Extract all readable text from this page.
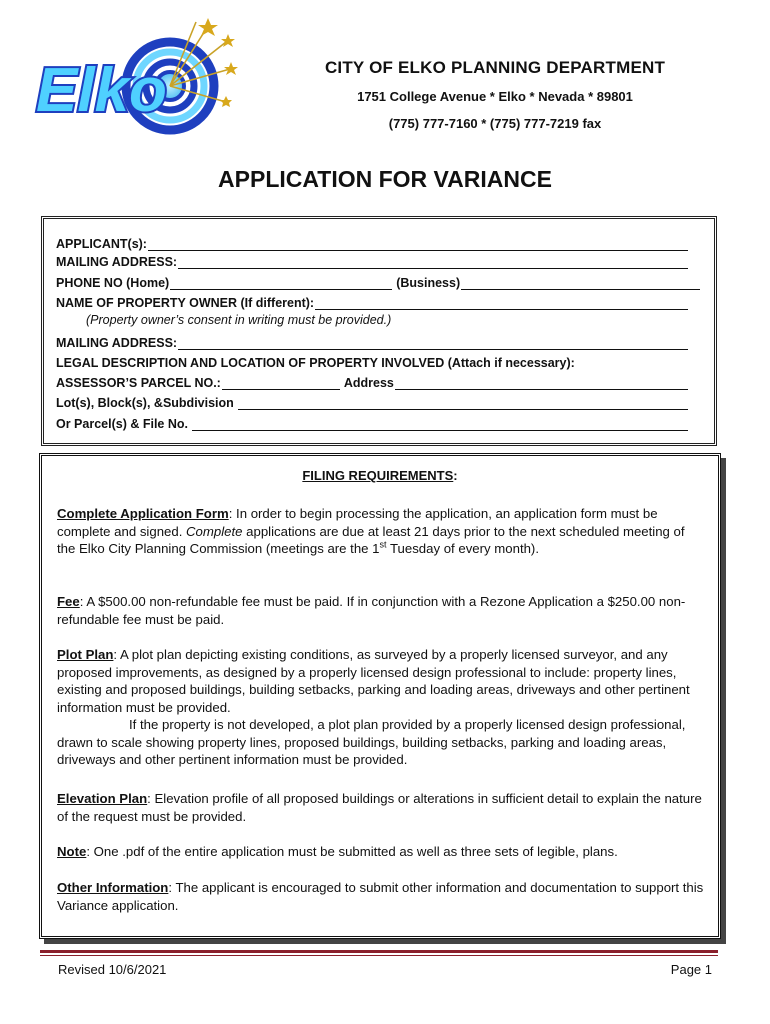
Elko	CITY OF ELKO PLANNING DEPARTMENT
1751 College Avenue * Elko * Nevada * 89801
(775) 777-7160 * (775) 777-7219 fax
APPLICATION FOR VARIANCE
APPLICANT(s):
MAILING ADDRESS:
PHONE NO (Home)	(Business)
NAME OF PROPERTY OWNER (If different):
(Property owner’s consent in writing must be provided.)
MAILING ADDRESS:
LEGAL DESCRIPTION AND LOCATION OF PROPERTY INVOLVED (Attach if necessary):
ASSESSOR’S PARCEL NO.:	Address
Lot(s), Block(s), &Subdivision
Or Parcel(s) & File No.
FILING REQUIREMENTS:
Complete Application Form: In order to begin processing the application, an application form must be complete and signed. Complete applications are due at least 21 days prior to the next scheduled meeting of the Elko City Planning Commission (meetings are the 1st Tuesday of every month).
Fee: A $500.00 non-refundable fee must be paid. If in conjunction with a Rezone Application a $250.00 non-refundable fee must be paid.
Plot Plan: A plot plan depicting existing conditions, as surveyed by a properly licensed surveyor, and any proposed improvements, as designed by a properly licensed design professional to include: property lines, existing and proposed buildings, building setbacks, parking and loading areas, driveways and other pertinent information must be provided.
If the property is not developed, a plot plan provided by a properly licensed design professional, drawn to scale showing property lines, proposed buildings, building setbacks, parking and loading areas, driveways and other pertinent information must be provided.
Elevation Plan: Elevation profile of all proposed buildings or alterations in sufficient detail to explain the nature of the request must be provided.
Note: One .pdf of the entire application must be submitted as well as three sets of legible, plans.
Other Information: The applicant is encouraged to submit other information and documentation to support this Variance application.
Revised 10/6/2021	Page 1
